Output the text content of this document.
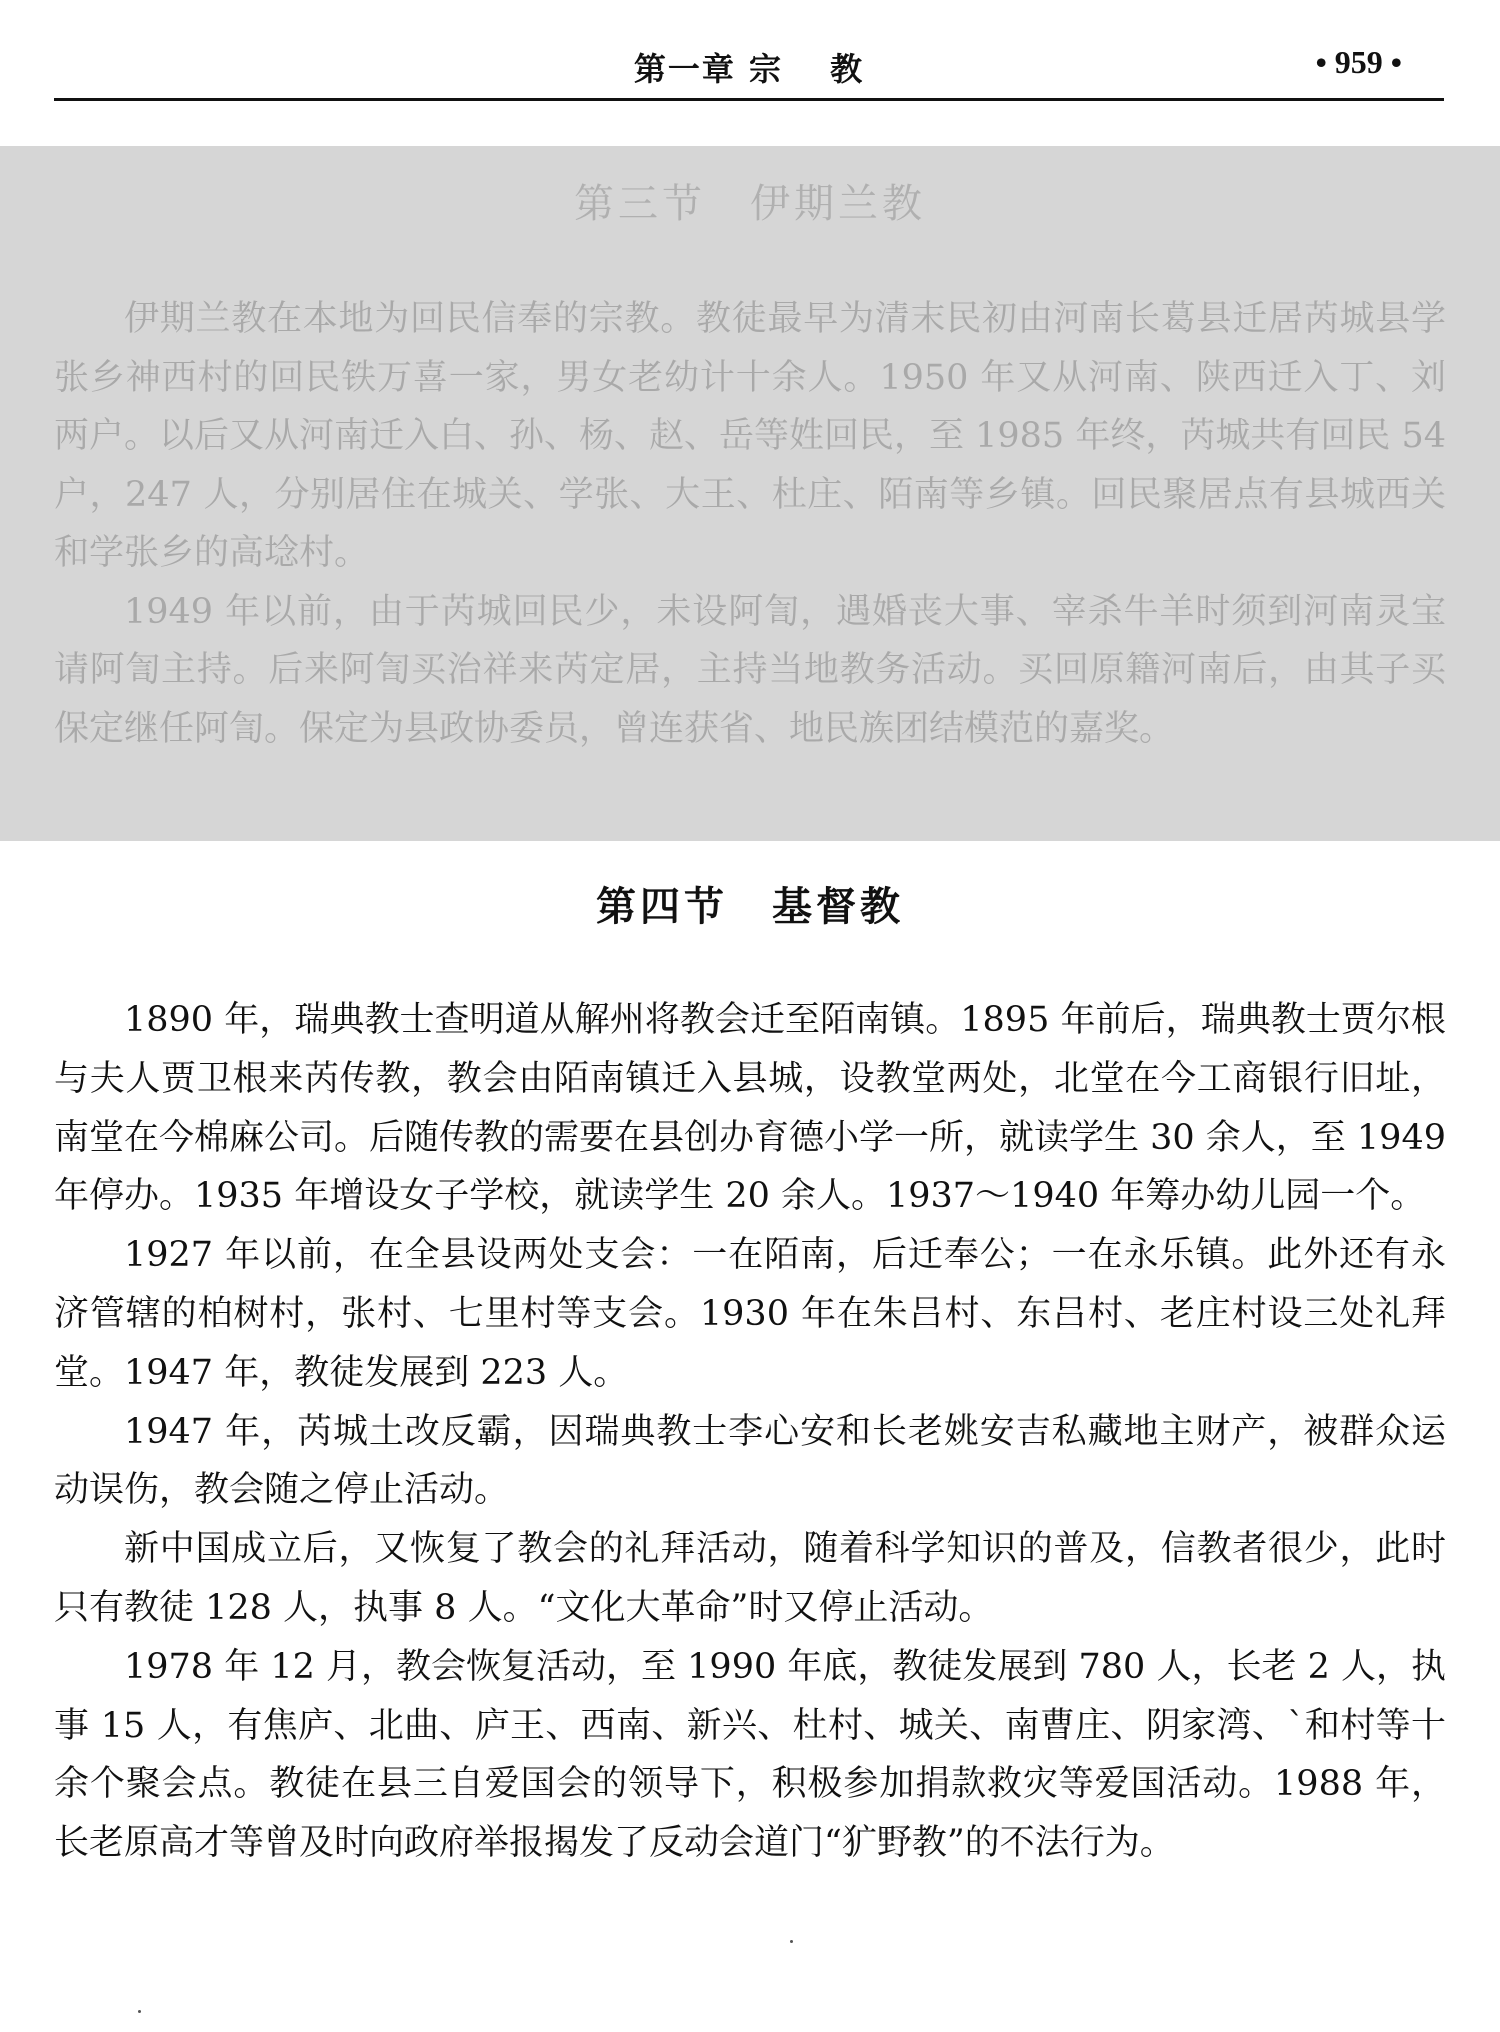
第一章 宗　 教	• 959 •
第三节　伊期兰教

伊期兰教在本地为回民信奉的宗教。教徒最早为清末民初由河南长葛县迁居芮城县学张乡神西村的回民铁万喜一家，男女老幼计十余人。1950 年又从河南、陕西迁入丁、刘两户。以后又从河南迁入白、孙、杨、赵、岳等姓回民，至 1985 年终，芮城共有回民 54 户，247 人，分别居住在城关、学张、大王、杜庄、陌南等乡镇。回民聚居点有县城西关和学张乡的高埝村。

1949 年以前，由于芮城回民少，未设阿訇，遇婚丧大事、宰杀牛羊时须到河南灵宝请阿訇主持。后来阿訇买治祥来芮定居，主持当地教务活动。买回原籍河南后，由其子买保定继任阿訇。保定为县政协委员，曾连获省、地民族团结模范的嘉奖。

第四节　基督教

1890 年，瑞典教士查明道从解州将教会迁至陌南镇。1895 年前后，瑞典教士贾尔根与夫人贾卫根来芮传教，教会由陌南镇迁入县城，设教堂两处，北堂在今工商银行旧址，南堂在今棉麻公司。后随传教的需要在县创办育德小学一所，就读学生 30 余人，至 1949 年停办。1935 年增设女子学校，就读学生 20 余人。1937～1940 年筹办幼儿园一个。

1927 年以前，在全县设两处支会：一在陌南，后迁奉公；一在永乐镇。此外还有永济管辖的柏树村，张村、七里村等支会。1930 年在朱吕村、东吕村、老庄村设三处礼拜堂。1947 年，教徒发展到 223 人。

1947 年，芮城土改反霸，因瑞典教士李心安和长老姚安吉私藏地主财产，被群众运动误伤，教会随之停止活动。

新中国成立后，又恢复了教会的礼拜活动，随着科学知识的普及，信教者很少，此时只有教徒 128 人，执事 8 人。“文化大革命”时又停止活动。

1978 年 12 月，教会恢复活动，至 1990 年底，教徒发展到 780 人，长老 2 人，执事 15 人，有焦庐、北曲、庐王、西南、新兴、杜村、城关、南曹庄、阴家湾、`和村等十余个聚会点。教徒在县三自爱国会的领导下，积极参加捐款救灾等爱国活动。1988 年，长老原高才等曾及时向政府举报揭发了反动会道门“犷野教”的不法行为。
